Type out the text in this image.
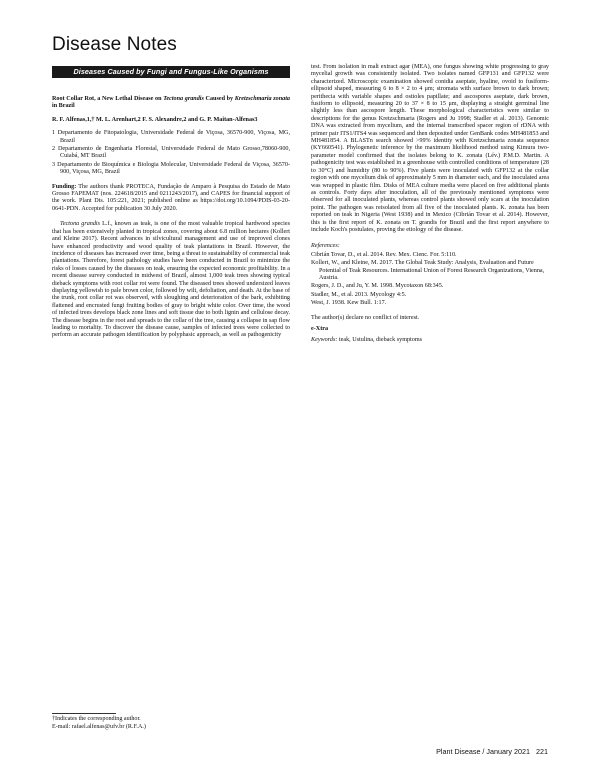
Disease Notes
Diseases Caused by Fungi and Fungus-Like Organisms

Root Collar Rot, a New Lethal Disease on Tectona grandis Caused by Kretzschmaria zonata in Brazil

R. F. Alfenas,1,† M. L. Arenhart,2 F. S. Alexandre,2 and G. P. Maitan-Alfenas3

1 Departamento de Fitopatologia, Universidade Federal de Viçosa, 36570-900, Viçosa, MG, Brazil

2 Departamento de Engenharia Florestal, Universidade Federal de Mato Grosso,78060-900, Cuiabá, MT Brazil

3 Departamento de Bioquímica e Biologia Molecular, Universidade Federal de Viçosa, 36570-900, Viçosa, MG, Brazil

Funding: The authors thank PROTECA, Fundação de Amparo à Pesquisa do Estado de Mato Grosso FAPEMAT (nos. 224618/2015 and 0211243/2017), and CAPES for financial support of the work. Plant Dis. 105:221, 2021; published online as https://doi.org/10.1094/PDIS-03-20-0641-PDN. Accepted for publication 30 July 2020.

Tectona grandis L.f., known as teak, is one of the most valuable tropical hardwood species that has been extensively planted in tropical zones, covering about 6.8 million hectares (Kollert and Kleine 2017). Recent advances in silvicultural management and use of improved clones have enhanced productivity and wood quality of teak plantations in Brazil. However, the incidence of diseases has increased over time, being a threat to sustainability of commercial teak plantations. Therefore, forest pathology studies have been conducted in Brazil to minimize the risks of losses caused by the diseases on teak, ensuring the expected economic profitability. In a recent disease survey conducted in midwest of Brazil, almost 1,000 teak trees showing typical dieback symptoms with root collar rot were found. The diseased trees showed undersized leaves displaying yellowish to pale brown color, followed by wilt, defoliation, and death. At the base of the trunk, root collar rot was observed, with sloughing and deterioration of the bark, exhibiting flattened and encrusted fungi fruiting bodies of gray to bright white color. Over time, the wood of infected trees develops black zone lines and soft tissue due to both lignin and cellulose decay. The disease begins in the root and spreads to the collar of the tree, causing a collapse in sap flow leading to mortality. To discover the disease cause, samples of infected trees were collected to perform an accurate pathogen identification by polyphasic approach, as well as pathogenicity

test. From isolation in malt extract agar (MEA), one fungus showing white progressing to gray mycelial growth was consistently isolated. Two isolates named GFP131 and GFP132 were characterized. Microscopic examination showed conidia aseptate, hyaline, ovoid to fusiform-ellipsoid shaped, measuring 6 to 8 × 2 to 4 μm; stromata with surface brown to dark brown; perithecia with variable shapes and ostioles papillate; and ascospores aseptate, dark brown, fusiform to ellipsoid, measuring 20 to 37 × 8 to 15 μm, displaying a straight germinal line slightly less than ascospore length. These morphological characteristics were similar to descriptions for the genus Kretzschmaria (Rogers and Ju 1998; Stadler et al. 2013). Genomic DNA was extracted from mycelium, and the internal transcribed spacer region of rDNA with primer pair ITS1/ITS4 was sequenced and then deposited under GenBank codes MH481853 and MH481854. A BLASTn search showed >99% identity with Kretzschmaria zonata sequence (KY660541). Phylogenetic inference by the maximum likelihood method using Kimura two-parameter model confirmed that the isolates belong to K. zonata (Lév.) P.M.D. Martin. A pathogenicity test was established in a greenhouse with controlled conditions of temperature (28 to 30°C) and humidity (80 to 90%). Five plants were inoculated with GFP132 at the collar region with one mycelium disk of approximately 5 mm in diameter each, and the inoculated area was wrapped in plastic film. Disks of MEA culture media were placed on five additional plants as controls. Forty days after inoculation, all of the previously mentioned symptoms were observed for all inoculated plants, whereas control plants showed only scars at the inoculation point. The pathogen was reisolated from all five of the inoculated plants. K. zonata has been reported on teak in Nigeria (West 1938) and in Mexico (Cibrián Tovar et al. 2014). However, this is the first report of K. zonata on T. grandis for Brazil and the first report anywhere to include Koch's postulates, proving the etiology of the disease.

References:

Cibrián Tovar, D., et al. 2014. Rev. Mex. Cienc. For. 5:110.

Kollert, W., and Kleine, M. 2017. The Global Teak Study: Analysis, Evaluation and Future Potential of Teak Resources. International Union of Forest Research Organizations, Vienna, Austria.

Rogers, J. D., and Ju, Y. M. 1998. Mycotaxon 68:345.

Stadler, M., et al. 2013. Mycology 4:5.

West, J. 1938. Kew Bull. 1:17.

The author(s) declare no conflict of interest.

e-Xtra

Keywords: teak, Ustulina, dieback symptoms

†Indicates the corresponding author.
E-mail: rafael.alfenas@ufv.br (R.F.A.)
Plant Disease / January 2021 221
